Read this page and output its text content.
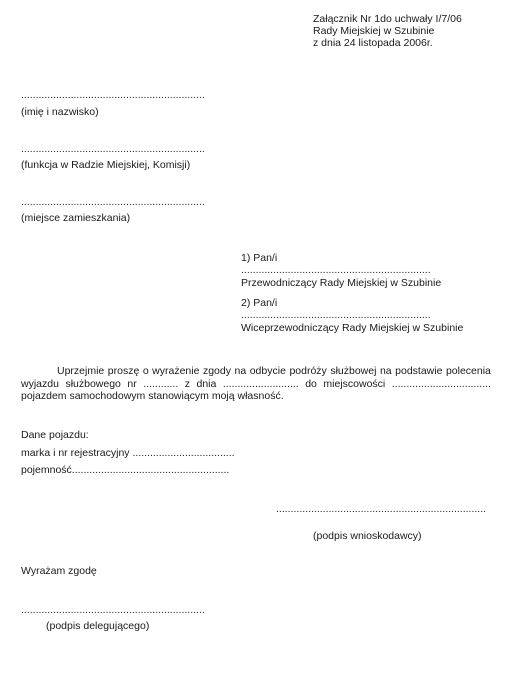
Załącznik Nr 1do uchwały I/7/06
Rady Miejskiej w Szubinie
z dnia 24 listopada 2006r.
...............................................................
(imię i nazwisko)
...............................................................
(funkcja w Radzie Miejskiej, Komisji)
...............................................................
(miejsce zamieszkania)
1) Pan/i
.................................................................
Przewodniczący Rady Miejskiej w Szubinie
2) Pan/i
.................................................................
Wiceprzewodniczący Rady Miejskiej w Szubinie
Uprzejmie proszę o wyrażenie zgody na odbycie podróży służbowej na podstawie polecenia
wyjazdu służbowego nr ............ z dnia .......................... do miejscowości ..................................
pojazdem samochodowym stanowiącym moją własność.
Dane pojazdu:
marka i nr rejestracyjny ...................................
pojemność......................................................
........................................................................
(podpis wnioskodawcy)
Wyrażam zgodę
...............................................................
(podpis delegującego)
